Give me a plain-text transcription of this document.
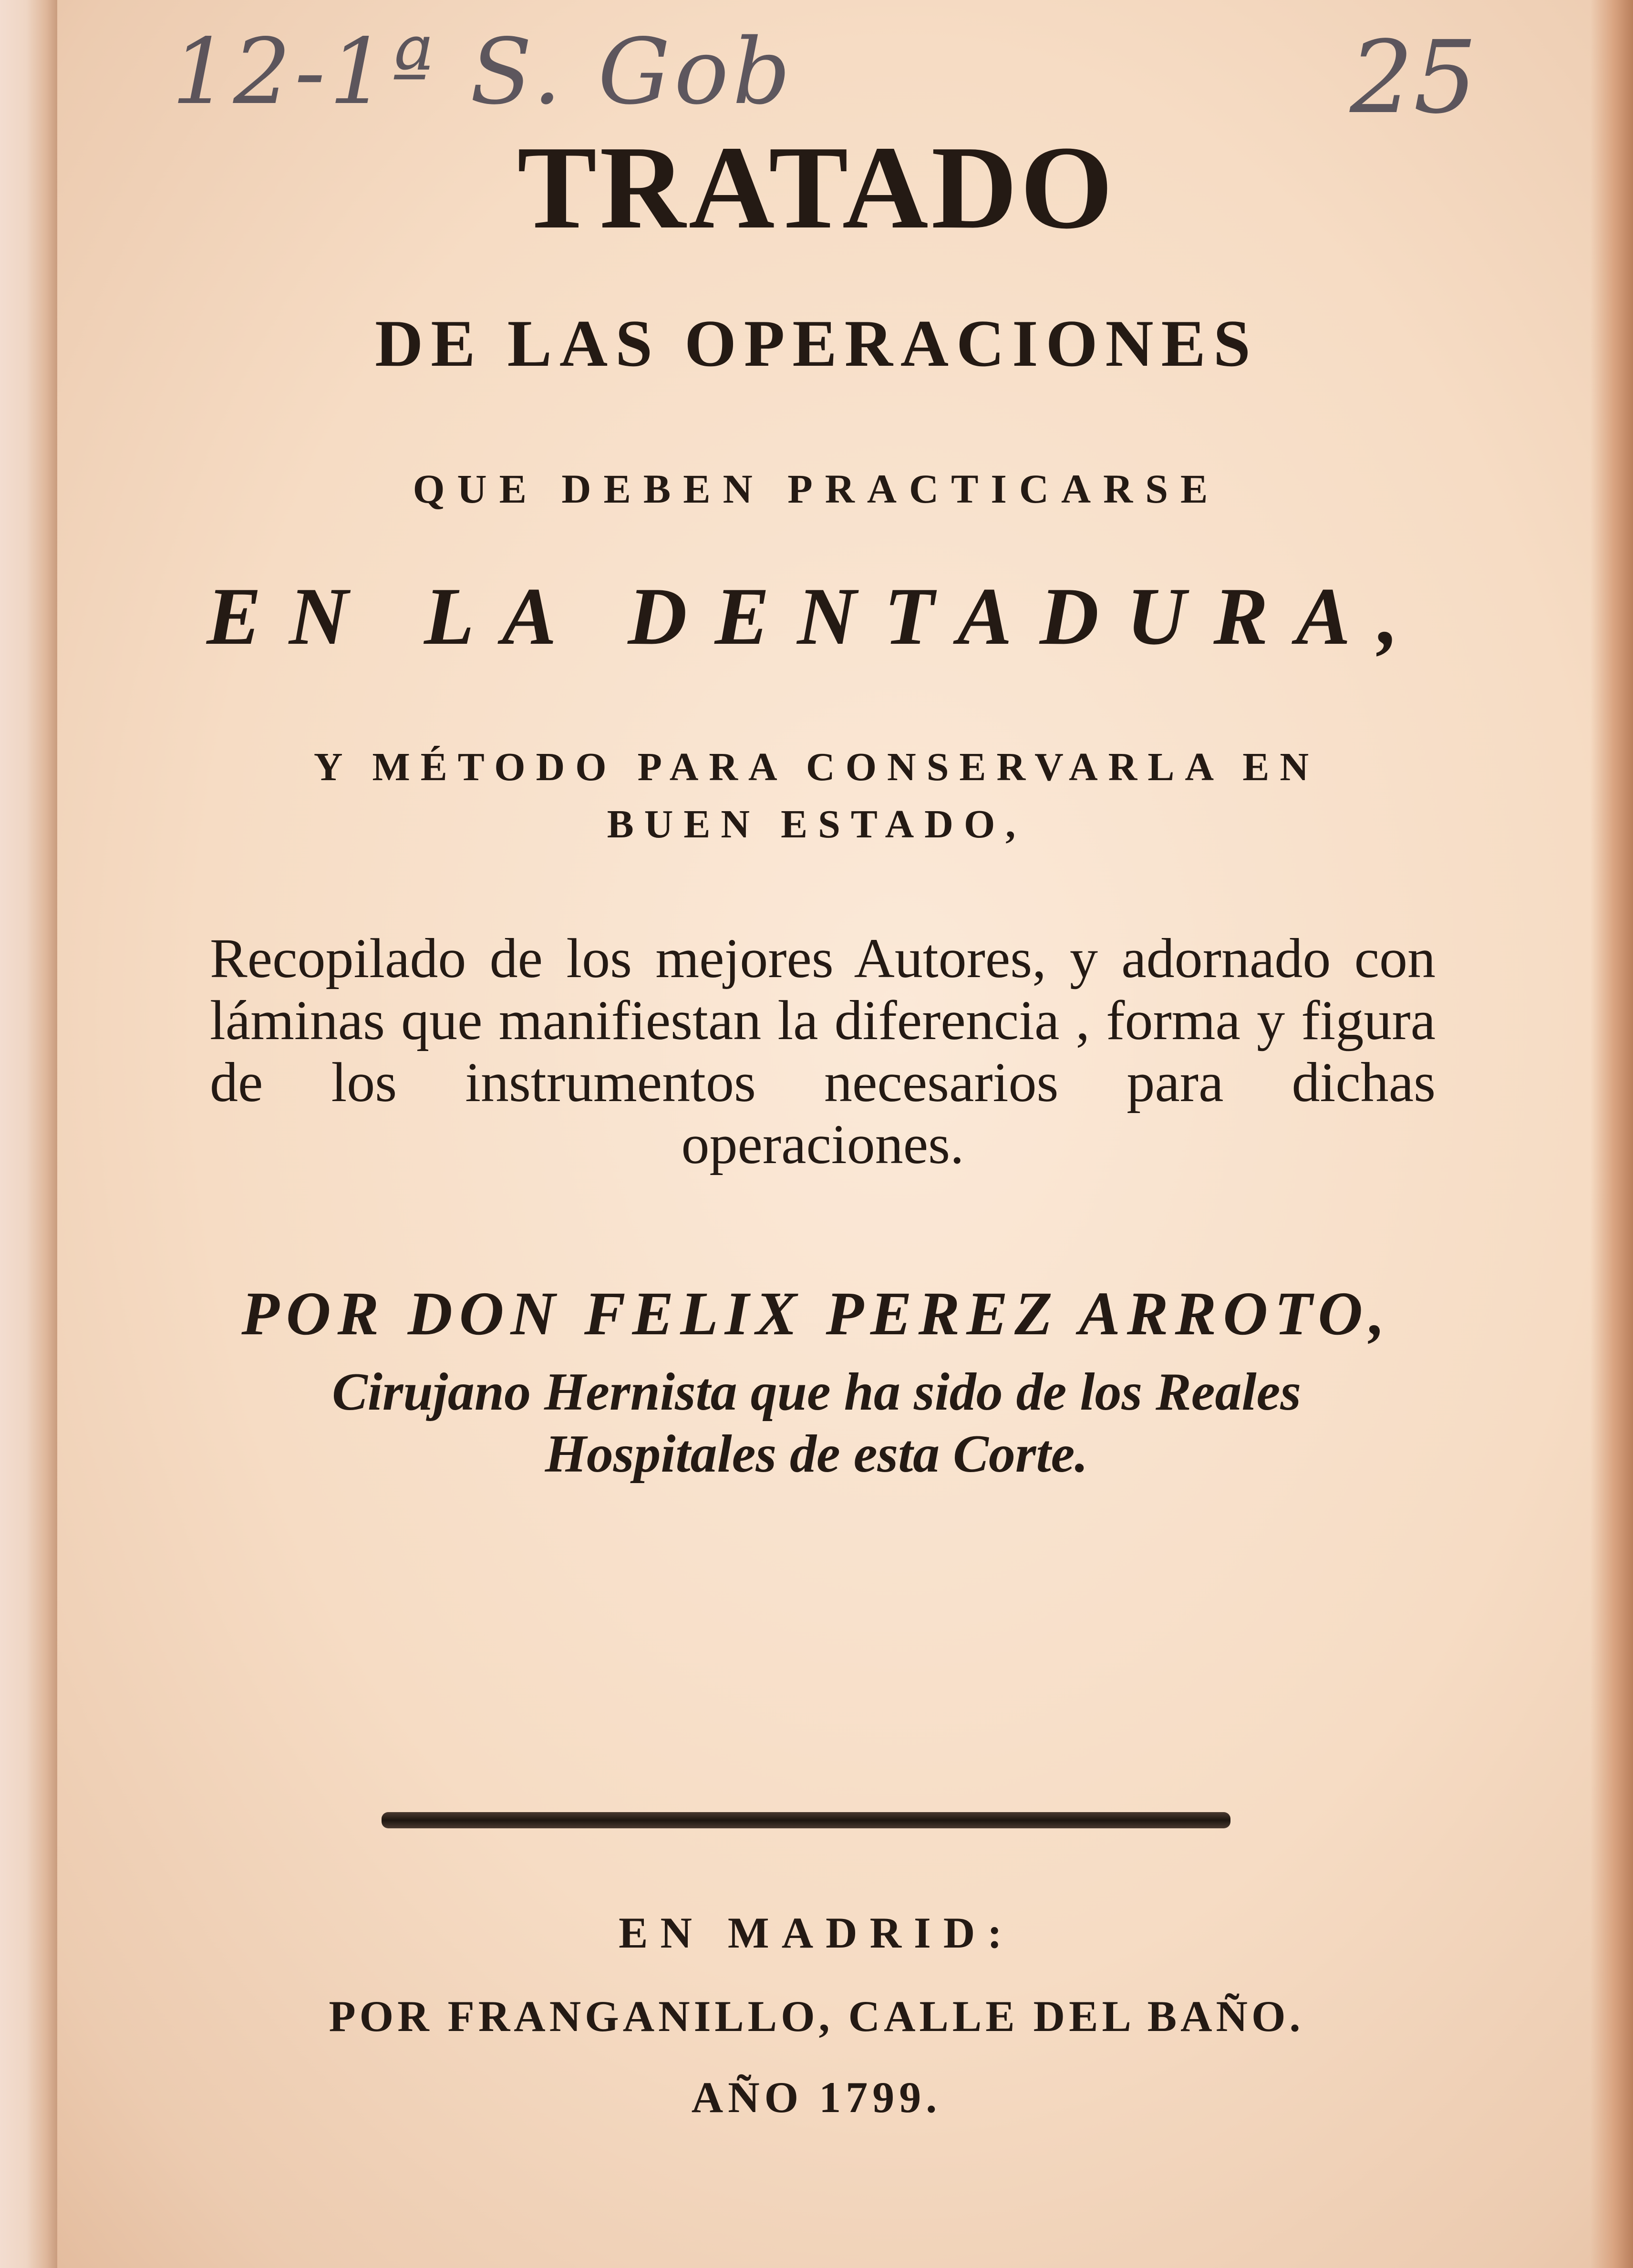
12-1ª S. Gob	25
TRATADO
DE LAS OPERACIONES
QUE DEBEN PRACTICARSE
EN LA DENTADURA,
Y MÉTODO PARA CONSERVARLA EN
BUEN ESTADO,
Recopilado de los mejores Autores, y adornado con láminas que manifiestan la diferencia , forma y figura de los instrumentos necesarios para dichas operaciones.
POR DON FELIX PEREZ ARROTO,
Cirujano Hernista que ha sido de los Reales
Hospitales de esta Corte.
EN MADRID:
POR FRANGANILLO, CALLE DEL BAÑO.
AÑO 1799.
